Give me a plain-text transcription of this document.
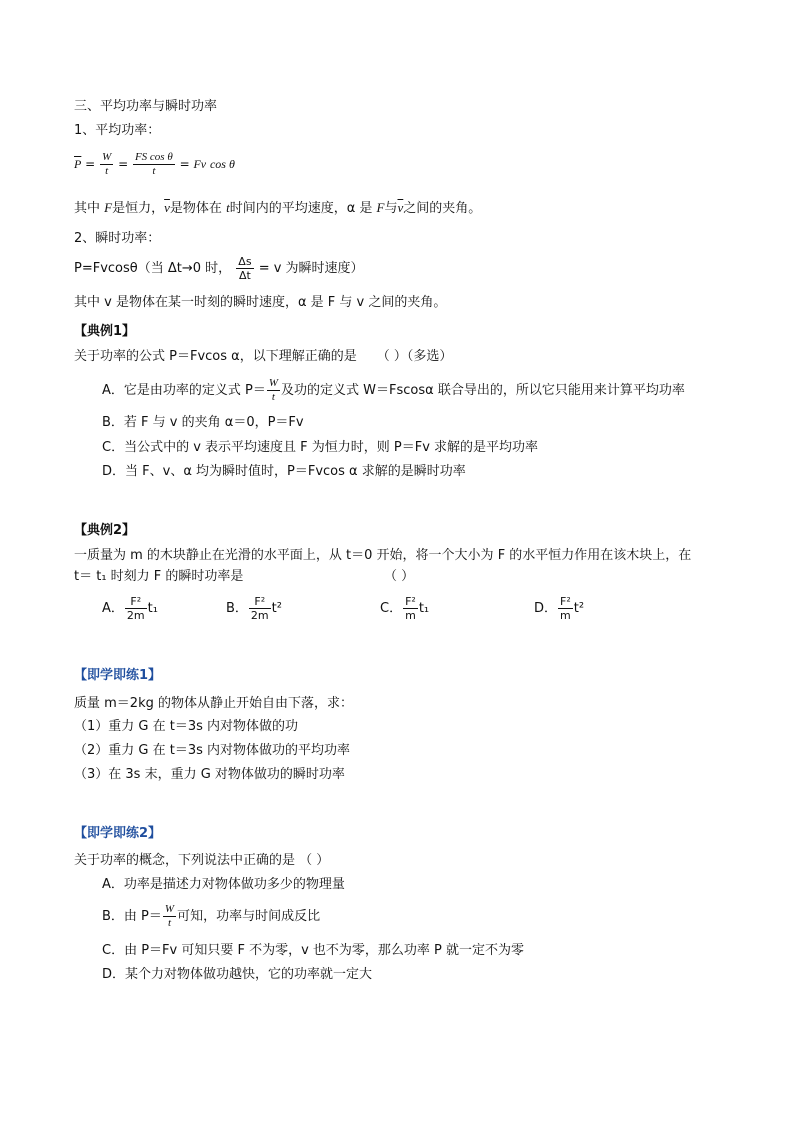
三、平均功率与瞬时功率
1、平均功率：
$\overline{P} = \frac{W}{t} = \frac{\text{FS cos θ}}{t} = Fv$ cos θ
其中 F是恒力，$\overline{v}$是物体在 t时间内的平均速度，α 是 F与$\overline{v}$之间的夹角。
2、瞬时功率：
P=Fvcosθ（当 Δt→0 时， $\frac{\Delta s}{\Delta t} = v$ 为瞬时速度）
其中 v 是物体在某一时刻的瞬时速度，α 是 F 与 v 之间的夹角。
【典例1】
关于功率的公式 P＝Fvcos α，以下理解正确的是 （ ）（多选）
A．它是由功率的定义式 $P= \frac{W}{t}$ 及功的定义式 W＝Fscosα 联合导出的，所以它只能用来计算平均功率
B．若 F 与 v 的夹角 α＝0，P＝Fv
C．当公式中的 v 表示平均速度且 F 为恒力时，则 P＝Fv 求解的是平均功率
D．当 F、v、α 均为瞬时值时，P＝Fvcos α 求解的是瞬时功率
【典例2】
一质量为 m 的木块静止在光滑的水平面上，从 t＝0 开始，将一个大小为 F 的水平恒力作用在该木块上，在
t＝ t₁ 时刻力 F 的瞬时功率是	（ ）
A． $\frac{\text{F²}}{2m} t_1$	B． $\frac{\text{F²}}{2m} t^2$	C． $\frac{\text{F²}}{m} t_1$	D． $\frac{\text{F²}}{m} t^2$
【即学即练1】
质量 m＝2kg 的物体从静止开始自由下落，求：
（1）重力 G 在 t＝3s 内对物体做的功
（2）重力 G 在 t＝3s 内对物体做功的平均功率
（3）在 3s 末，重力 G 对物体做功的瞬时功率
【即学即练2】
关于功率的概念，下列说法中正确的是 （ ）
A．功率是描述力对物体做功多少的物理量
B．由 $P= \frac{W}{t}$ 可知，功率与时间成反比
C．由 P＝Fv 可知只要 F 不为零，v 也不为零，那么功率 P 就一定不为零
D．某个力对物体做功越快，它的功率就一定大
